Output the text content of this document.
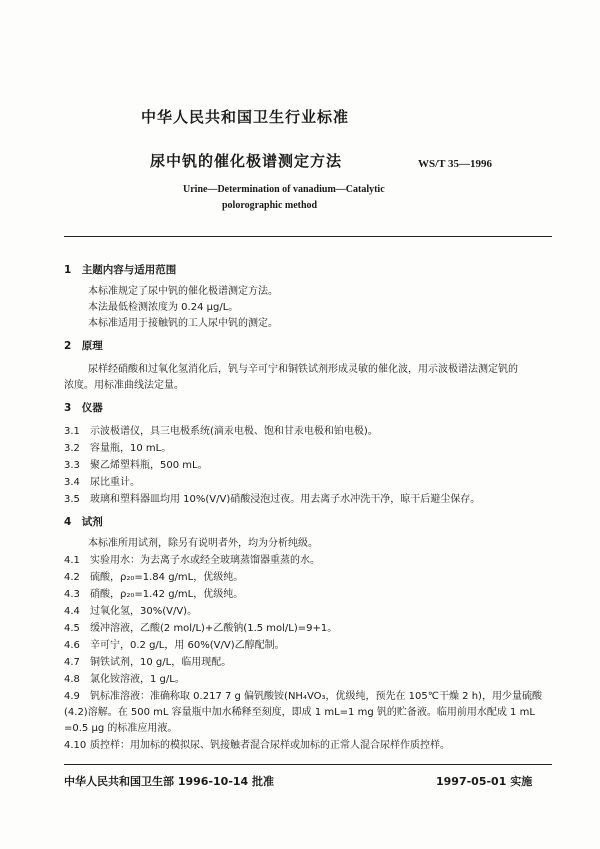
中华人民共和国卫生行业标准
尿中钒的催化极谱测定方法	WS/T 35—1996
Urine—Determination of vanadium—Catalytic
polorographic method
1　主题内容与适用范围
本标准规定了尿中钒的催化极谱测定方法。
本法最低检测浓度为 0.24 μg/L。
本标准适用于接触钒的工人尿中钒的测定。
2　原理
尿样经硝酸和过氧化氢消化后，钒与辛可宁和铜铁试剂形成灵敏的催化波，用示波极谱法测定钒的
浓度。用标准曲线法定量。
3　仪器
3.1 示波极谱仪，具三电极系统(滴汞电极、饱和甘汞电极和铂电极)。
3.2 容量瓶，10 mL。
3.3 聚乙烯塑料瓶，500 mL。
3.4 尿比重计。
3.5 玻璃和塑料器皿均用 10%(V/V)硝酸浸泡过夜。用去离子水冲洗干净，晾干后避尘保存。
4　试剂
本标准所用试剂，除另有说明者外，均为分析纯级。
4.1 实验用水：为去离子水或经全玻璃蒸馏器重蒸的水。
4.2 硫酸，ρ₂₀=1.84 g/mL，优级纯。
4.3 硝酸，ρ₂₀=1.42 g/mL，优级纯。
4.4 过氧化氢，30%(V/V)。
4.5 缓冲溶液，乙酸(2 mol/L)+乙酸钠(1.5 mol/L)=9+1。
4.6 辛可宁，0.2 g/L，用 60%(V/V)乙醇配制。
4.7 铜铁试剂，10 g/L，临用现配。
4.8 氯化铵溶液，1 g/L。
4.9 钒标准溶液：准确称取 0.217 7 g 偏钒酸铵(NH₄VO₃，优级纯，预先在 105℃干燥 2 h)，用少量硫酸
(4.2)溶解。在 500 mL 容量瓶中加水稀释至刻度，即成 1 mL=1 mg 钒的贮备液。临用前用水配成 1 mL
=0.5 μg 的标准应用液。
4.10 质控样：用加标的模拟尿、钒接触者混合尿样或加标的正常人混合尿样作质控样。
中华人民共和国卫生部 1996-10-14 批准	1997-05-01 实施
